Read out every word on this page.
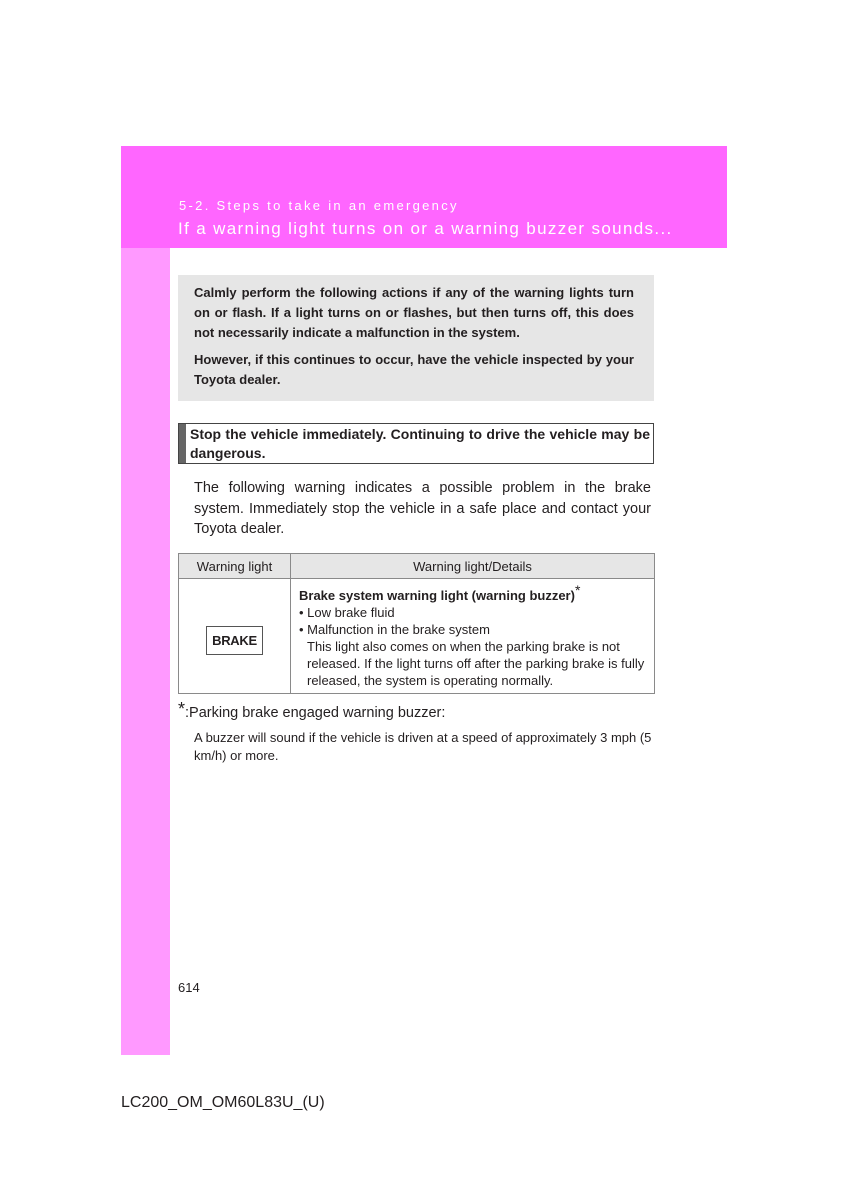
5-2. Steps to take in an emergency
If a warning light turns on or a warning buzzer sounds...

Calmly perform the following actions if any of the warning lights turn on or flash. If a light turns on or flashes, but then turns off, this does not necessarily indicate a malfunction in the system.

However, if this continues to occur, have the vehicle inspected by your Toyota dealer.

Stop the vehicle immediately. Continuing to drive the vehicle may be dangerous.

The following warning indicates a possible problem in the brake system. Immediately stop the vehicle in a safe place and contact your Toyota dealer.

Warning light	Warning light/Details
BRAKE	Brake system warning light (warning buzzer)*
• Low brake fluid
• Malfunction in the brake system
This light also comes on when the parking brake is not released. If the light turns off after the parking brake is fully released, the system is operating normally.
*:Parking brake engaged warning buzzer:
A buzzer will sound if the vehicle is driven at a speed of approximately 3 mph (5 km/h) or more.
614
LC200_OM_OM60L83U_(U)
